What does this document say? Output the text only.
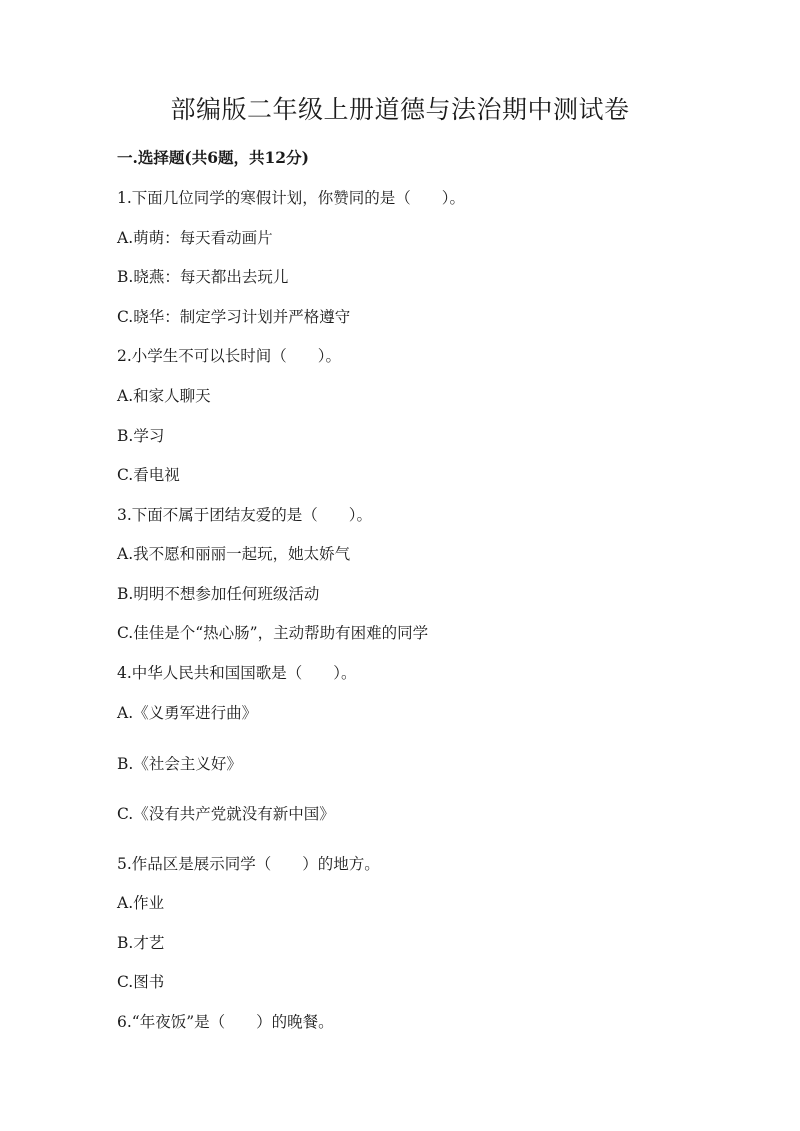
部编版二年级上册道德与法治期中测试卷
一.选择题(共6题，共12分)
1.下面几位同学的寒假计划，你赞同的是（　　）。
A.萌萌：每天看动画片
B.晓燕：每天都出去玩儿
C.晓华：制定学习计划并严格遵守
2.小学生不可以长时间（　　）。
A.和家人聊天
B.学习
C.看电视
3.下面不属于团结友爱的是（　　）。
A.我不愿和丽丽一起玩，她太娇气
B.明明不想参加任何班级活动
C.佳佳是个“热心肠”，主动帮助有困难的同学
4.中华人民共和国国歌是（　　）。
A.《义勇军进行曲》
B.《社会主义好》
C.《没有共产党就没有新中国》
5.作品区是展示同学（　　）的地方。
A.作业
B.才艺
C.图书
6.“年夜饭”是（　　）的晚餐。
